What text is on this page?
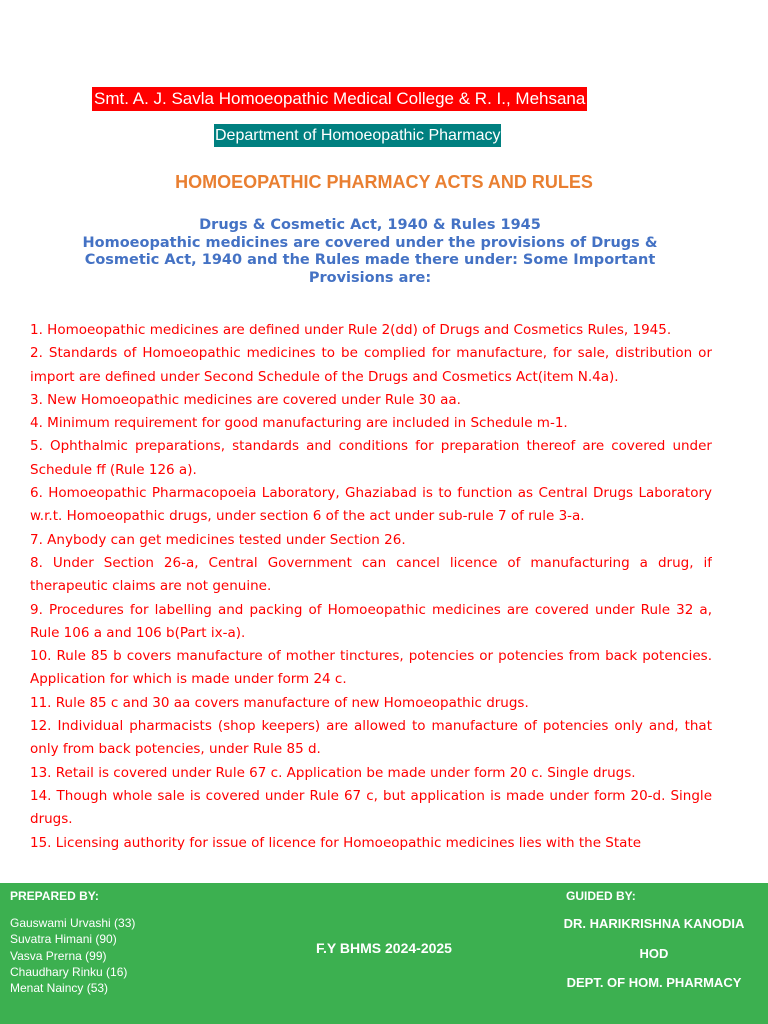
Smt. A. J. Savla Homoeopathic Medical College & R. I., Mehsana
Department of Homoeopathic Pharmacy
HOMOEOPATHIC PHARMACY ACTS AND RULES
Drugs & Cosmetic Act, 1940 & Rules 1945
Homoeopathic medicines are covered under the provisions of Drugs &
Cosmetic Act, 1940 and the Rules made there under: Some Important
Provisions are:

1. Homoeopathic medicines are defined under Rule 2(dd) of Drugs and Cosmetics Rules, 1945.

2. Standards of Homoeopathic medicines to be complied for manufacture, for sale, distribution or import are defined under Second Schedule of the Drugs and Cosmetics Act(item N.4a).

3. New Homoeopathic medicines are covered under Rule 30 aa.

4. Minimum requirement for good manufacturing are included in Schedule m-1.

5. Ophthalmic preparations, standards and conditions for preparation thereof are covered under Schedule ff (Rule 126 a).

6. Homoeopathic Pharmacopoeia Laboratory, Ghaziabad is to function as Central Drugs Laboratory w.r.t. Homoeopathic drugs, under section 6 of the act under sub-rule 7 of rule 3-a.

7. Anybody can get medicines tested under Section 26.

8. Under Section 26-a, Central Government can cancel licence of manufacturing a drug, if therapeutic claims are not genuine.

9. Procedures for labelling and packing of Homoeopathic medicines are covered under Rule 32 a, Rule 106 a and 106 b(Part ix-a).

10. Rule 85 b covers manufacture of mother tinctures, potencies or potencies from back potencies. Application for which is made under form 24 c.

11. Rule 85 c and 30 aa covers manufacture of new Homoeopathic drugs.

12. Individual pharmacists (shop keepers) are allowed to manufacture of potencies only and, that only from back potencies, under Rule 85 d.

13. Retail is covered under Rule 67 c. Application be made under form 20 c. Single drugs.

14. Though whole sale is covered under Rule 67 c, but application is made under form 20-d. Single drugs.

15. Licensing authority for issue of licence for Homoeopathic medicines lies with the State

PREPARED BY:
Gauswami Urvashi (33)
Suvatra Himani (90)
Vasva Prerna (99)
Chaudhary Rinku (16)
Menat Naincy (53)
F.Y BHMS 2024-2025
GUIDED BY:
DR. HARIKRISHNA KANODIA
HOD
DEPT. OF HOM. PHARMACY
